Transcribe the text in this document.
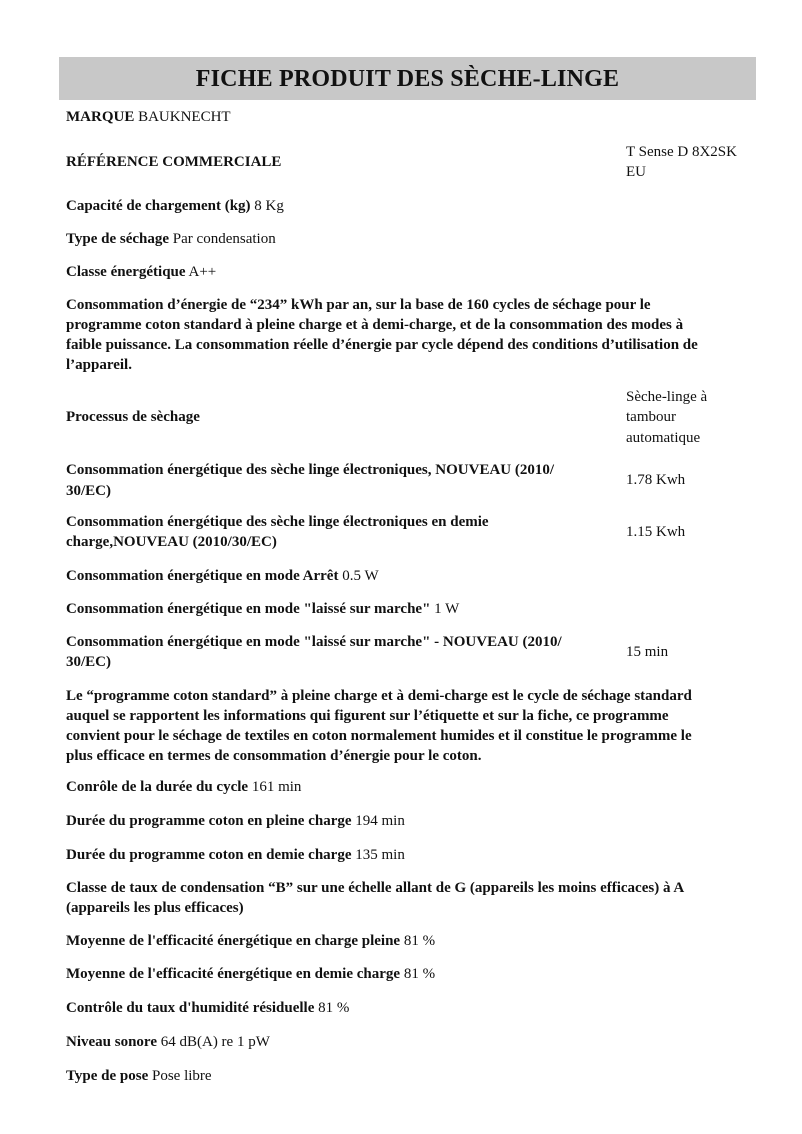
FICHE PRODUIT DES SÈCHE-LINGE
MARQUE BAUKNECHT
RÉFÉRENCE COMMERCIALE
T Sense D 8X2SK
EU
Capacité de chargement (kg) 8 Kg
Type de séchage Par condensation
Classe énergétique A++
Consommation d’énergie de “234” kWh par an, sur la base de 160 cycles de séchage pour le
programme coton standard à pleine charge et à demi-charge, et de la consommation des modes à
faible puissance. La consommation réelle d’énergie par cycle dépend des conditions d’utilisation de
l’appareil.
Processus de sèchage
Sèche-linge à
tambour
automatique
Consommation énergétique des sèche linge électroniques, NOUVEAU (2010/
30/EC)
1.78 Kwh
Consommation énergétique des sèche linge électroniques en demie
charge,NOUVEAU (2010/30/EC)
1.15 Kwh
Consommation énergétique en mode Arrêt 0.5 W
Consommation énergétique en mode "laissé sur marche" 1 W
Consommation énergétique en mode "laissé sur marche" - NOUVEAU (2010/
30/EC)
15 min
Le “programme coton standard” à pleine charge et à demi-charge est le cycle de séchage standard
auquel se rapportent les informations qui figurent sur l’étiquette et sur la fiche, ce programme
convient pour le séchage de textiles en coton normalement humides et il constitue le programme le
plus efficace en termes de consommation d’énergie pour le coton.
Conrôle de la durée du cycle 161 min
Durée du programme coton en pleine charge 194 min
Durée du programme coton en demie charge 135 min
Classe de taux de condensation “B” sur une échelle allant de G (appareils les moins efficaces) à A
(appareils les plus efficaces)
Moyenne de l'efficacité énergétique en charge pleine 81 %
Moyenne de l'efficacité énergétique en demie charge 81 %
Contrôle du taux d'humidité résiduelle 81 %
Niveau sonore 64 dB(A) re 1 pW
Type de pose Pose libre
